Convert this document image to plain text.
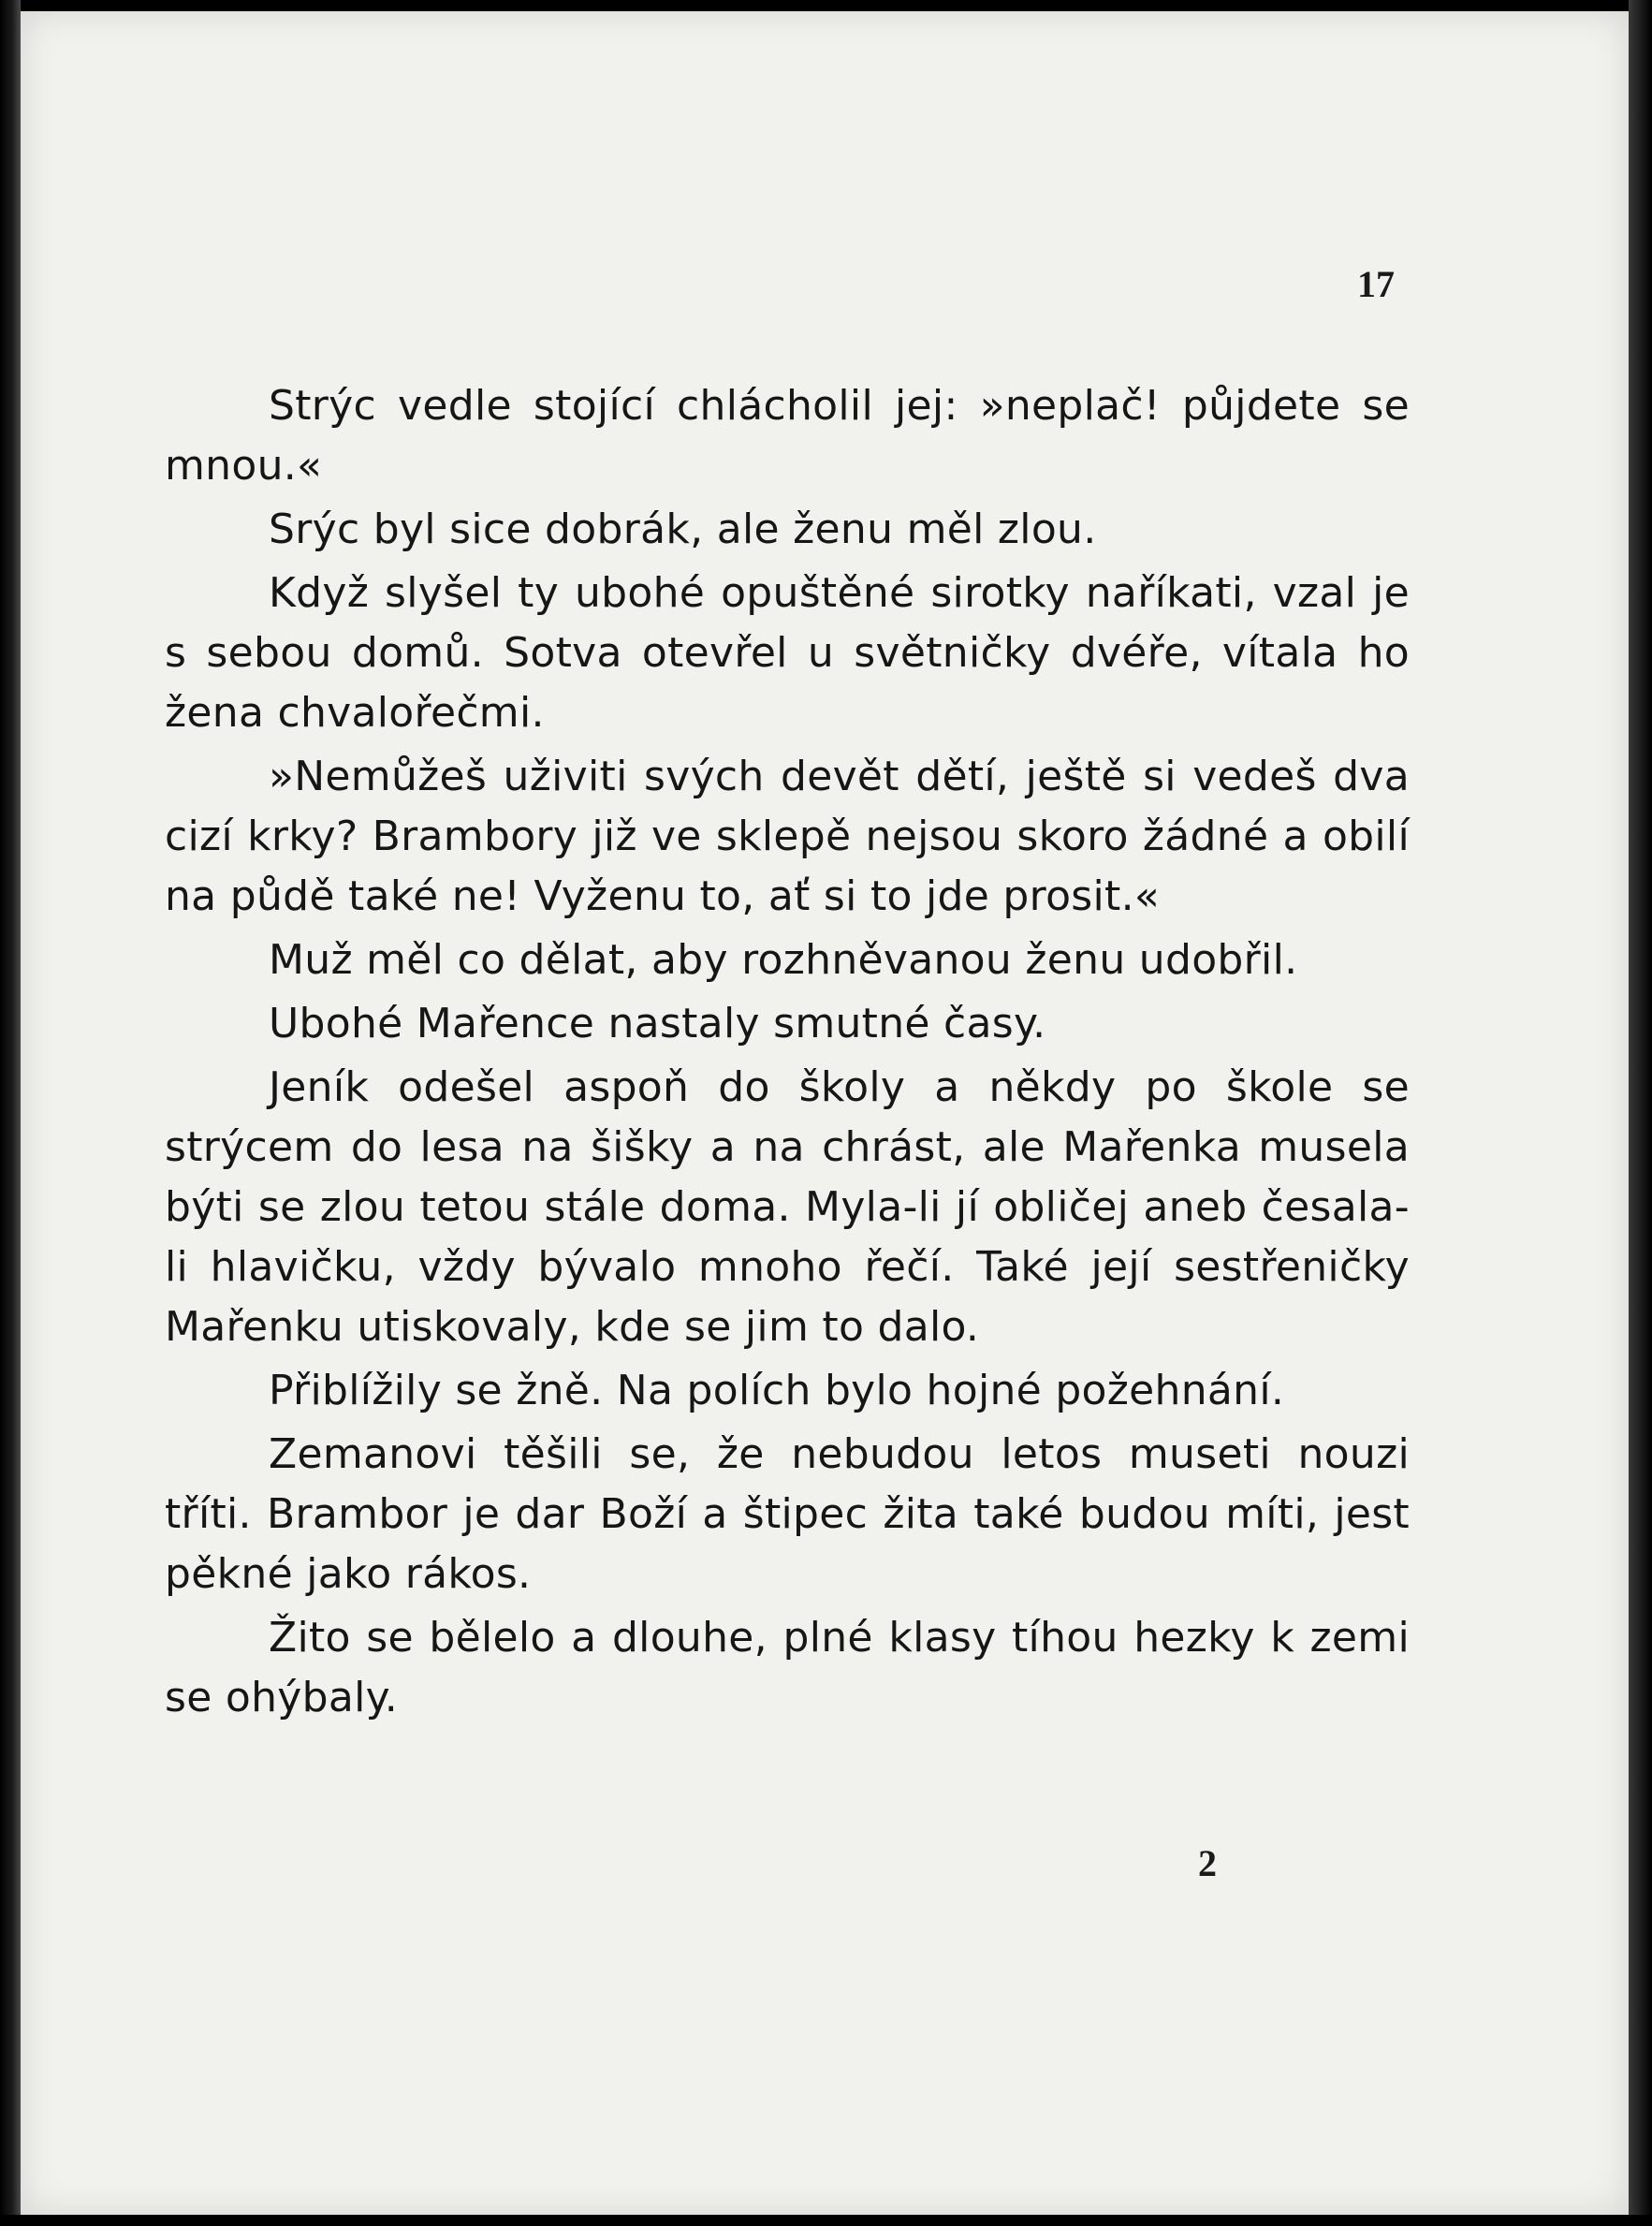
17

Strýc vedle stojící chlácholil jej: »neplač! půjdete se mnou.«

Srýc byl sice dobrák, ale ženu měl zlou.

Když slyšel ty ubohé opuštěné sirotky naříkati, vzal je s sebou domů. Sotva otevřel u světničky dvéře, vítala ho žena chvalořečmi.

»Nemůžeš uživiti svých devět dětí, ještě si vedeš dva cizí krky? Brambory již ve sklepě nejsou skoro žádné a obilí na půdě také ne! Vyženu to, ať si to jde prosit.«

Muž měl co dělat, aby rozhněvanou ženu udobřil.

Ubohé Mařence nastaly smutné časy.

Jeník odešel aspoň do školy a někdy po škole se strýcem do lesa na šišky a na chrást, ale Mařenka musela býti se zlou tetou stále doma. Myla-li jí obličej aneb česala-li hlavičku, vždy bývalo mnoho řečí. Také její sestřeničky Mařenku utiskovaly, kde se jim to dalo.

Přiblížily se žně. Na polích bylo hojné požehnání.

Zemanovi těšili se, že nebudou letos museti nouzi tříti. Brambor je dar Boží a štipec žita také budou míti, jest pěkné jako rákos.

Žito se bělelo a dlouhe, plné klasy tíhou hezky k zemi se ohýbaly.

2
